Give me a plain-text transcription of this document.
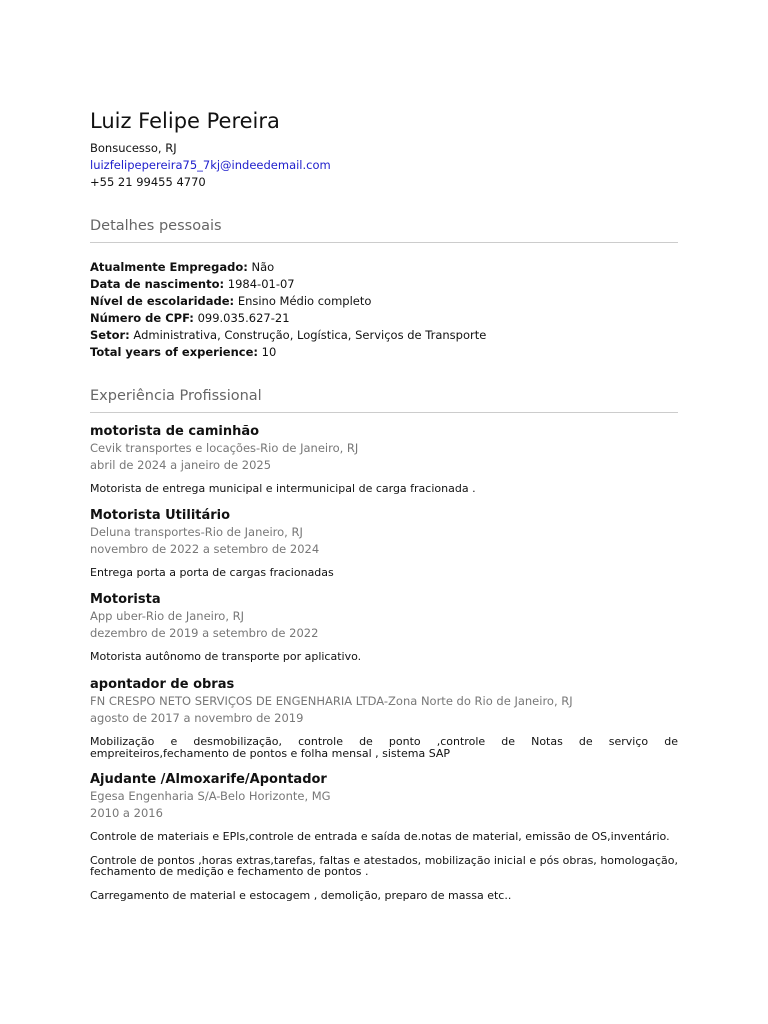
Luiz Felipe Pereira
Bonsucesso, RJ
luizfelipepereira75_7kj@indeedemail.com
+55 21 99455 4770
Detalhes pessoais
Atualmente Empregado: Não
Data de nascimento: 1984-01-07
Nível de escolaridade: Ensino Médio completo
Número de CPF: 099.035.627-21
Setor: Administrativa, Construção, Logística, Serviços de Transporte
Total years of experience: 10
Experiência Profissional
motorista de caminhão
Cevik transportes e locações-Rio de Janeiro, RJ
abril de 2024 a janeiro de 2025
Motorista de entrega municipal e intermunicipal de carga fracionada .
Motorista Utilitário
Deluna transportes-Rio de Janeiro, RJ
novembro de 2022 a setembro de 2024
Entrega porta a porta de cargas fracionadas
Motorista
App uber-Rio de Janeiro, RJ
dezembro de 2019 a setembro de 2022
Motorista autônomo de transporte por aplicativo.
apontador de obras
FN CRESPO NETO SERVIÇOS DE ENGENHARIA LTDA-Zona Norte do Rio de Janeiro, RJ
agosto de 2017 a novembro de 2019
Mobilização e desmobilização, controle de ponto ,controle de Notas de serviço de empreiteiros,fechamento de pontos e folha mensal , sistema SAP
Ajudante /Almoxarife/Apontador
Egesa Engenharia S/A-Belo Horizonte, MG
2010 a 2016
Controle de materiais e EPIs,controle de entrada e saída de.notas de material, emissão de OS,inventário.
Controle de pontos ,horas extras,tarefas, faltas e atestados, mobilização inicial e pós obras, homologação, fechamento de medição e fechamento de pontos .
Carregamento de material e estocagem , demolição, preparo de massa etc..
